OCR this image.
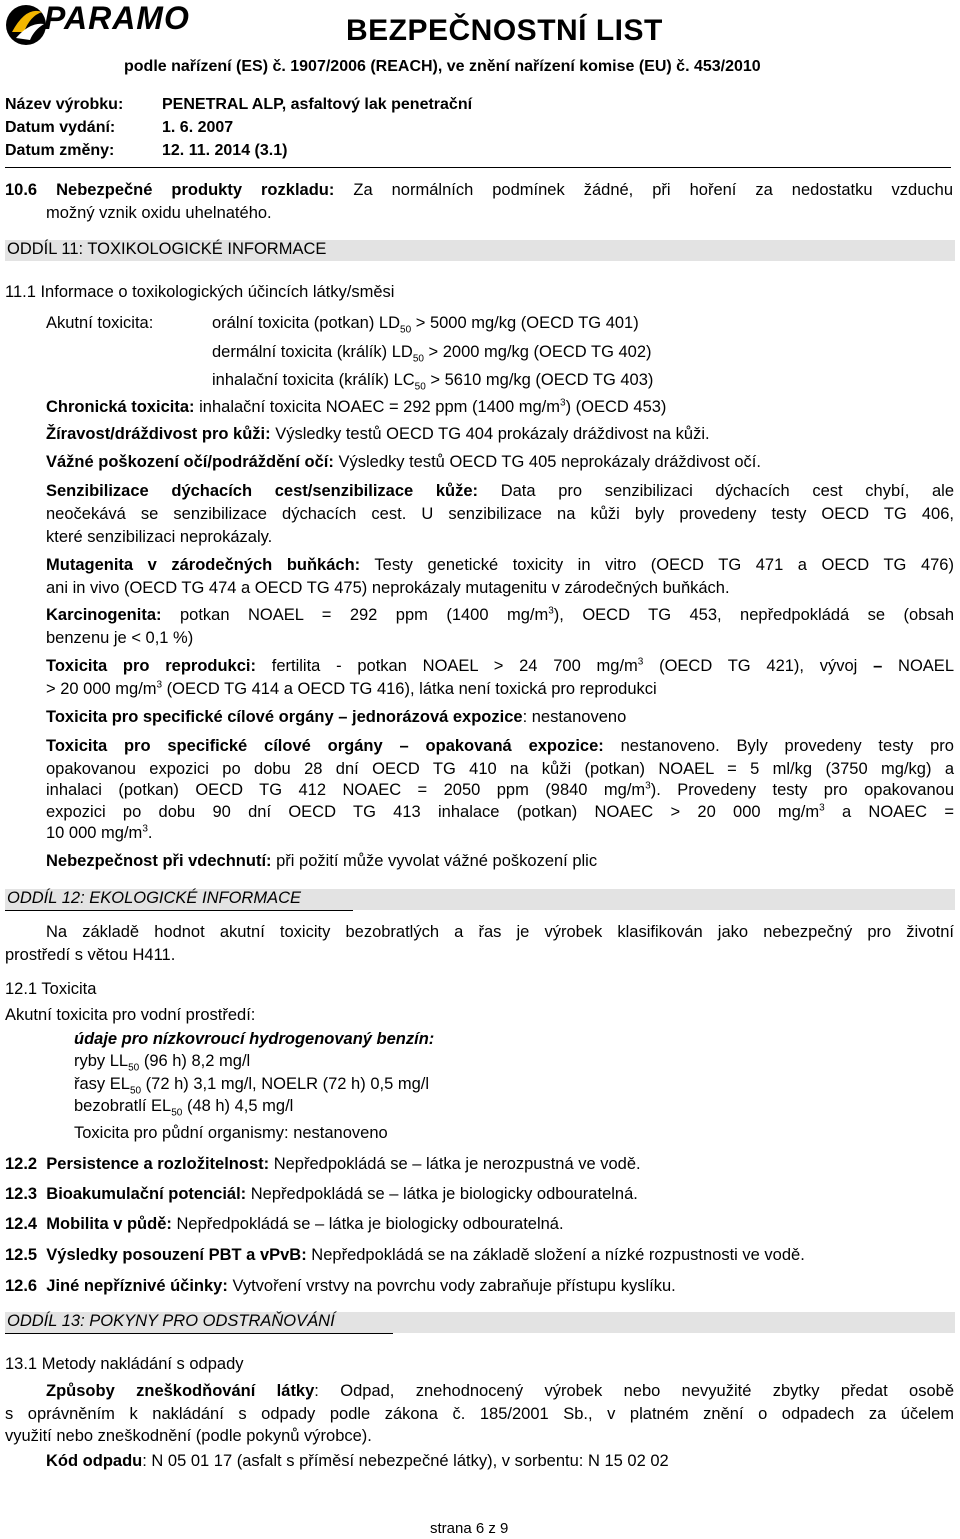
PARAMO	BEZPEČNOSTNÍ LIST
podle nařízení (ES) č. 1907/2006 (REACH), ve znění nařízení komise (EU) č. 453/2010
Název výrobku: PENETRAL ALP, asfaltový lak penetrační
Datum vydání:	1. 6. 2007
Datum změny:	12. 11. 2014 (3.1)
10.6 Nebezpečné produkty rozkladu: Za normálních podmínek žádné, při hoření za nedostatku vzduchu
možný vznik oxidu uhelnatého.
ODDÍL 11: TOXIKOLOGICKÉ INFORMACE
11.1 Informace o toxikologických účincích látky/směsi
Akutní toxicita:	orální toxicita (potkan) $LD_{50} > 5000$ mg/kg (OECD TG 401)
dermální toxicita (králík) $LD_{50} > 2000$ mg/kg (OECD TG 402)
inhalační toxicita (králík) $LC_{50} > 5610$ mg/kg (OECD TG 403)
Chronická toxicita: inhalační toxicita NOAEC = 292 ppm (1400 $mg/m^3$) (OECD 453)
Žíravost/dráždivost pro kůži: Výsledky testů OECD TG 404 prokázaly dráždivost na kůži.
Vážné poškození očí/podráždění očí: Výsledky testů OECD TG 405 neprokázaly dráždivost očí.
Senzibilizace dýchacích cest/senzibilizace kůže: Data pro senzibilizaci dýchacích cest chybí, ale
neočekává se senzibilizace dýchacích cest. U senzibilizace na kůži byly provedeny testy OECD TG 406,
které senzibilizaci neprokázaly.
Mutagenita v zárodečných buňkách: Testy genetické toxicity in vitro (OECD TG 471 a OECD TG 476)
ani in vivo (OECD TG 474 a OECD TG 475) neprokázaly mutagenitu v zárodečných buňkách.
Karcinogenita: potkan NOAEL = 292 ppm (1400 $mg/m^3$), OECD TG 453, nepředpokládá se (obsah
benzenu je < 0,1 %)
Toxicita pro reprodukci: fertilita - potkan NOAEL > 24 700 $mg/m^3$ (OECD TG 421), vývoj – NOAEL
> 20 000 $mg/m^3$ (OECD TG 414 a OECD TG 416), látka není toxická pro reprodukci
Toxicita pro specifické cílové orgány – jednorázová expozice: nestanoveno
Toxicita pro specifické cílové orgány – opakovaná expozice: nestanoveno. Byly provedeny testy pro
opakovanou expozici po dobu 28 dní OECD TG 410 na kůži (potkan) NOAEL = 5 ml/kg (3750 mg/kg) a
inhalaci (potkan) OECD TG 412 NOAEC = 2050 ppm (9840 $mg/m^3$). Provedeny testy pro opakovanou
expozici po dobu 90 dní OECD TG 413 inhalace (potkan) NOAEC > 20 000 $mg/m^3$ a NOAEC =
10 000 $mg/m^3$.
Nebezpečnost při vdechnutí: při požití může vyvolat vážné poškození plic
ODDÍL 12: EKOLOGICKÉ INFORMACE
Na základě hodnot akutní toxicity bezobratlých a řas je výrobek klasifikován jako nebezpečný pro životní
prostředí s větou H411.
12.1 Toxicita
Akutní toxicita pro vodní prostředí:
údaje pro nízkovroucí hydrogenovaný benzín:
ryby $LL_{50}$ (96 h) 8,2 mg/l
řasy $EL_{50}$ (72 h) 3,1 mg/l, NOELR (72 h) 0,5 mg/l
bezobratlí $EL_{50}$ (48 h) 4,5 mg/l
Toxicita pro půdní organismy: nestanoveno
12.2 Persistence a rozložitelnost: Nepředpokládá se – látka je nerozpustná ve vodě.
12.3 Bioakumulační potenciál: Nepředpokládá se – látka je biologicky odbouratelná.
12.4 Mobilita v půdě: Nepředpokládá se – látka je biologicky odbouratelná.
12.5 Výsledky posouzení PBT a vPvB: Nepředpokládá se na základě složení a nízké rozpustnosti ve vodě.
12.6 Jiné nepříznivé účinky: Vytvoření vrstvy na povrchu vody zabraňuje přístupu kyslíku.
ODDÍL 13: POKYNY PRO ODSTRAŇOVÁNÍ
13.1 Metody nakládání s odpady
Způsoby zneškodňování látky: Odpad, znehodnocený výrobek nebo nevyužité zbytky předat osobě
s oprávněním k nakládání s odpady podle zákona č. 185/2001 Sb., v platném znění o odpadech za účelem
využití nebo zneškodnění (podle pokynů výrobce).
Kód odpadu: N 05 01 17 (asfalt s příměsí nebezpečné látky), v sorbentu: N 15 02 02
strana 6 z 9
